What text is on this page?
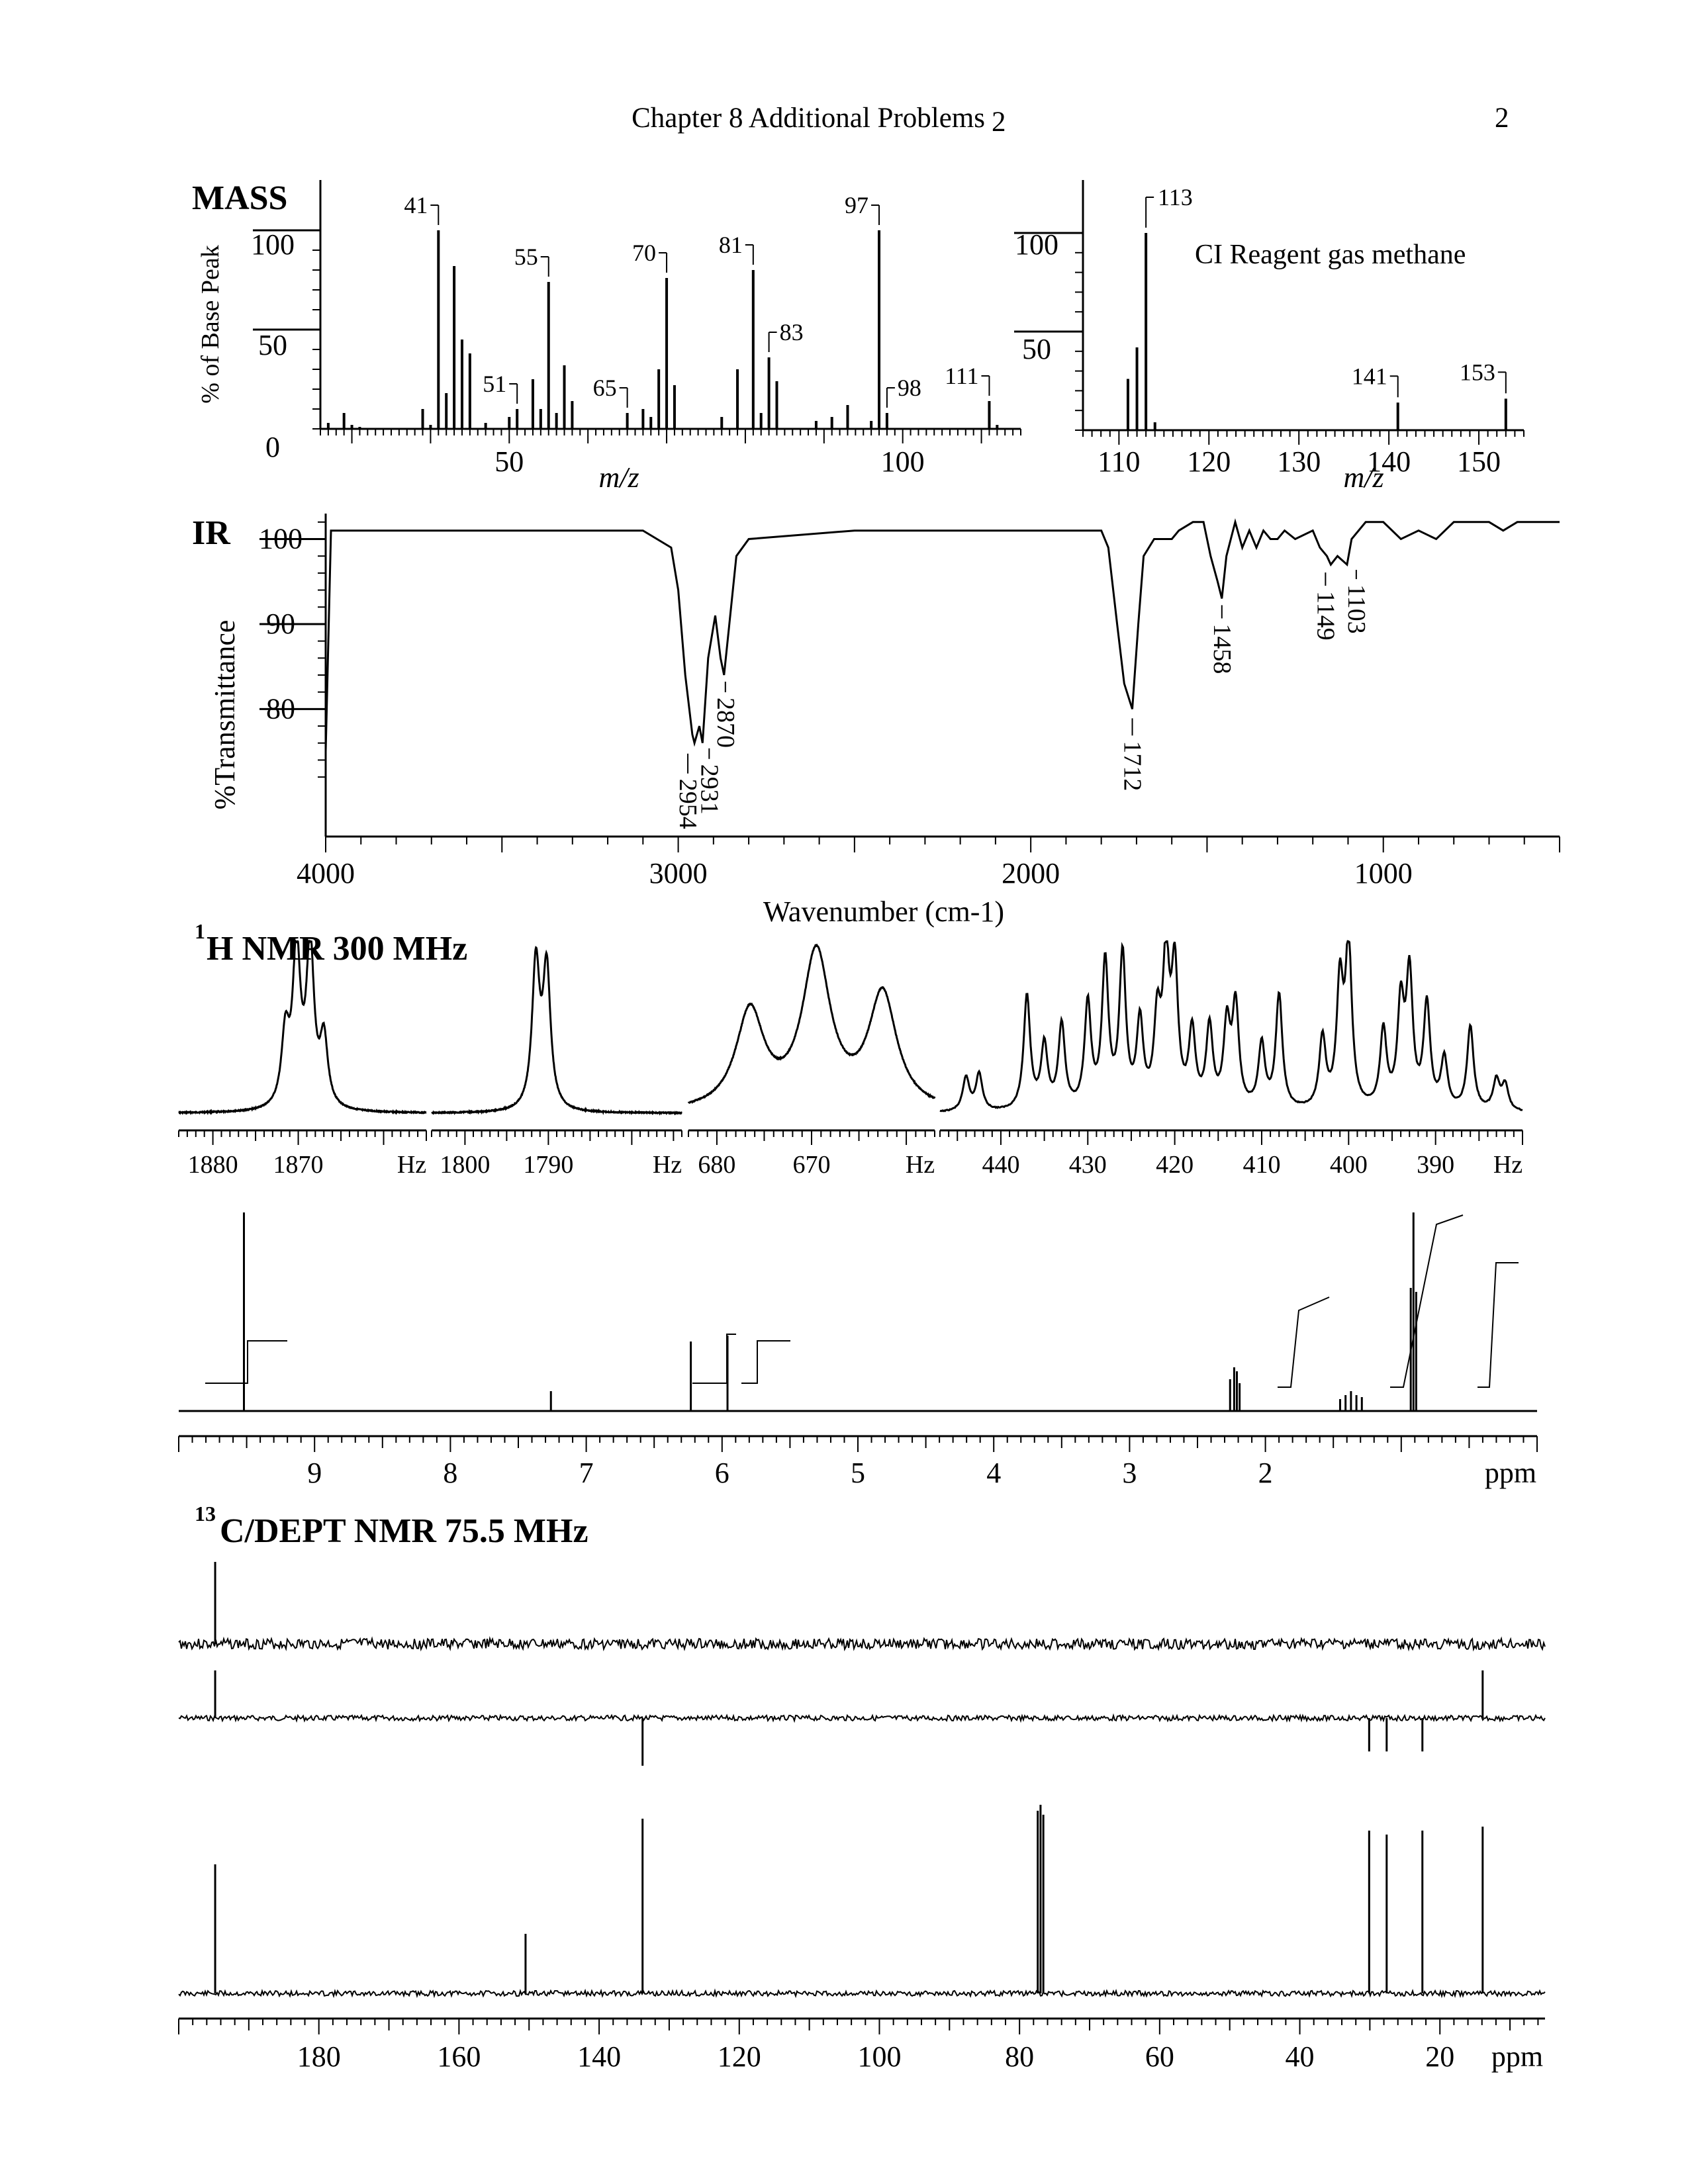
Chapter 8 Additional Problems 2	2
MASS
% of Base Peak
m/z	m/z
CI Reagent gas methane
IR
%Transmittance
Wavenumber (cm-1)
1 H NMR 300 MHz
13 C/DEPT NMR 75.5 MHz
0
50
100
50	100
41
51
55
65
70	81
83
97
98 111
50
100
110 120 130 140 150
113
141	153
80
90
100
4000	3000	2000	1000
2954
2931
2870
1712
1458
1149 1103
1880 1870	Hz 1800 1790	Hz 680 670	Hz 440 430 420 410 400 390 Hz
9	8	7	6	5	4	3	2	ppm
180	160	140	120	100	80	60	40	20 ppm
